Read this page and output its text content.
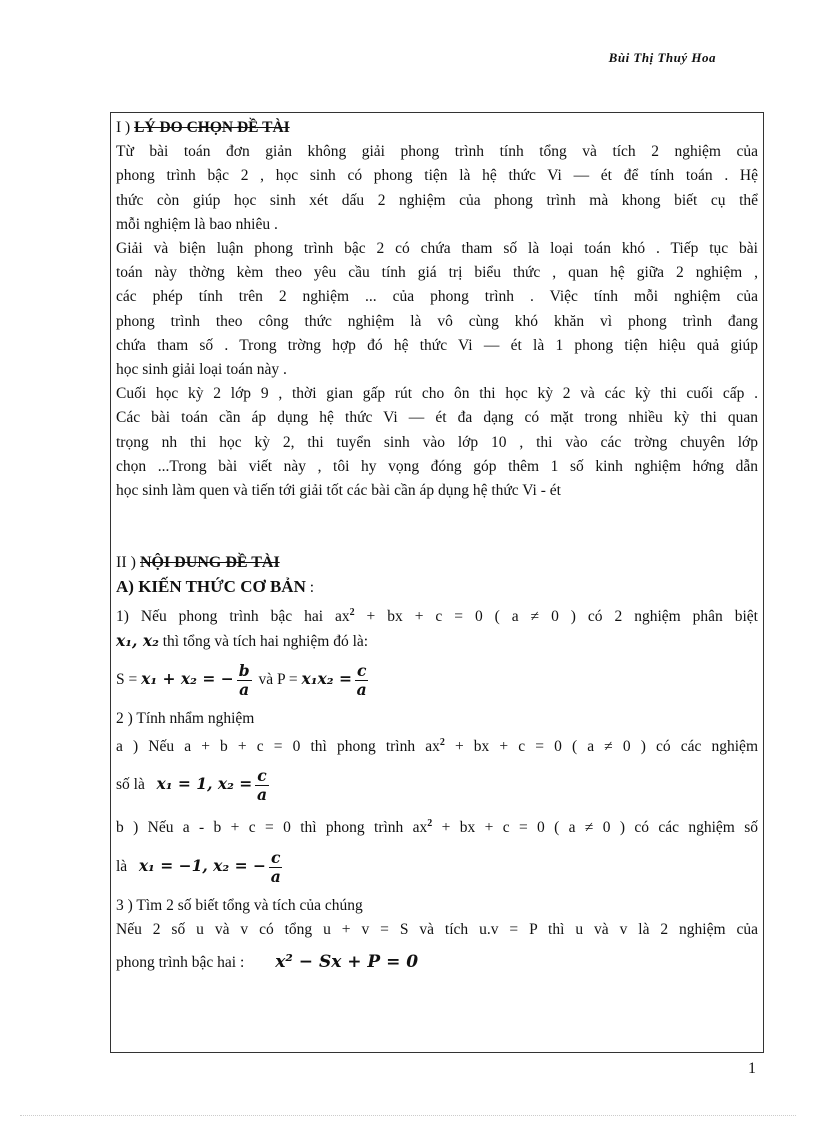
Bùi Thị Thuý Hoa

I ) LÝ DO CHỌN ĐỀ TÀI

Từ bài toán đơn giản không giải phong trình tính tổng và tích 2 nghiệm của

phong trình bậc 2 , học sinh có phong tiện là hệ thức Vi — ét để tính toán . Hệ

thức còn giúp học sinh xét dấu 2 nghiệm của phong trình mà khong biết cụ thể

mỗi nghiệm là bao nhiêu .

Giải và biện luận phong trình bậc 2 có chứa tham số là loại toán khó . Tiếp tục bài

toán này thờng kèm theo yêu cầu tính giá trị biểu thức , quan hệ giữa 2 nghiệm ,

các phép tính trên 2 nghiệm ... của phong trình . Việc tính mỗi nghiệm của

phong trình theo công thức nghiệm là vô cùng khó khăn vì phong trình đang

chứa tham số . Trong trờng hợp đó hệ thức Vi — ét là 1 phong tiện hiệu quả giúp

học sinh giải loại toán này .

Cuối học kỳ 2 lớp 9 , thời gian gấp rút cho ôn thi học kỳ 2 và các kỳ thi cuối cấp .

Các bài toán cần áp dụng hệ thức Vi — ét đa dạng có mặt trong nhiều kỳ thi quan

trọng nh thi học kỳ 2, thi tuyển sinh vào lớp 10 , thi vào các trờng chuyên lớp

chọn ...Trong bài viết này , tôi hy vọng đóng góp thêm 1 số kinh nghiệm hớng dẫn

học sinh làm quen và tiến tới giải tốt các bài cần áp dụng hệ thức Vi - ét

II ) NỘI DUNG ĐỀ TÀI

A) KIẾN THỨC CƠ BẢN :

1) Nếu phong trình bậc hai $ax^2$ + bx + c = 0 ( a ≠ 0 ) có 2 nghiệm phân biệt

x₁, x₂ thì tổng và tích hai nghiệm đó là:

S = x₁ + x₂ = − $\frac{b}{a}$ và $P = x_1x_2 = \frac{c}{a}$

2 ) Tính nhẩm nghiệm

a ) Nếu a + b + c = 0 thì phong trình $ax^2$ + bx + c = 0 ( a ≠ 0 ) có các nghiệm

số là x₁ = 1, $x_2 = \frac{c}{a}$

b ) Nếu a - b + c = 0 thì phong trình $ax^2$ + bx + c = 0 ( a ≠ 0 ) có các nghiệm số

là x₁ = −1, x₂ = − $\frac{c}{a}$

3 ) Tìm 2 số biết tổng và tích của chúng

Nếu 2 số u và v có tổng u + v = S và tích u.v = P thì u và v là 2 nghiệm của

phong trình bậc hai : x² − Sx + P = 0

1
